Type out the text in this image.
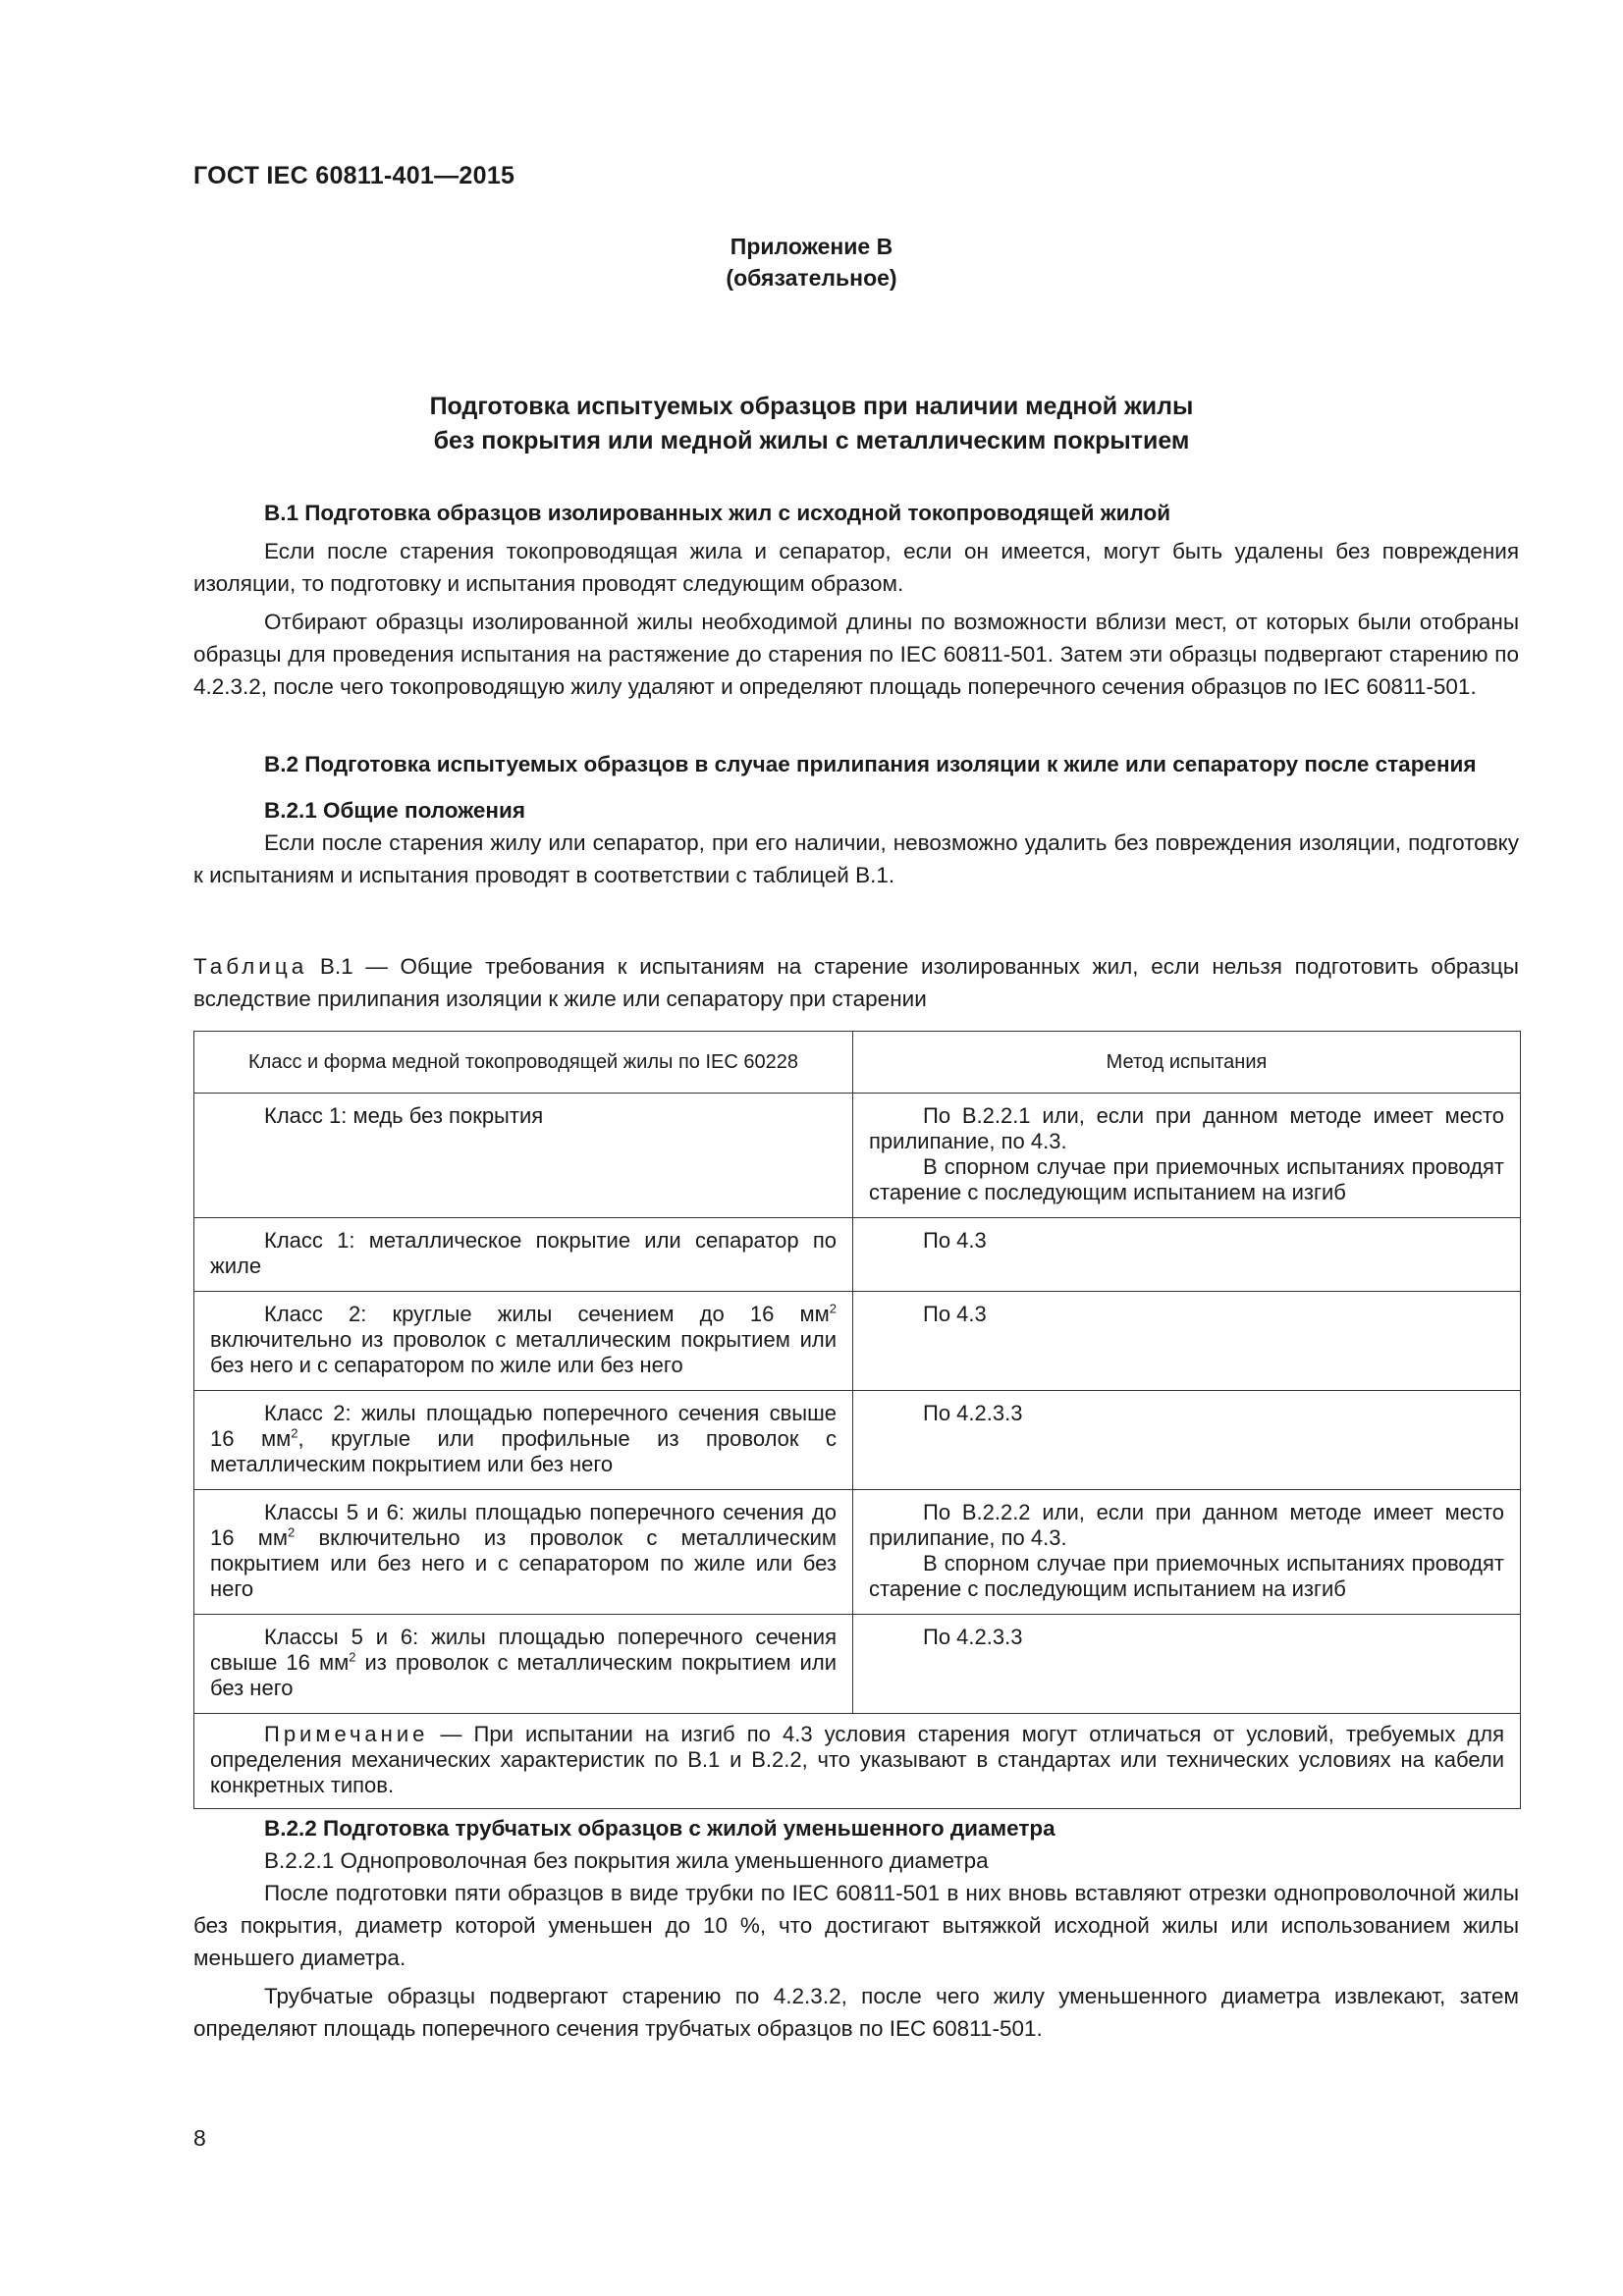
ГОСТ IEC 60811-401—2015
Приложение В
(обязательное)
Подготовка испытуемых образцов при наличии медной жилы
без покрытия или медной жилы с металлическим покрытием
В.1 Подготовка образцов изолированных жил с исходной токопроводящей жилой
Если после старения токопроводящая жила и сепаратор, если он имеется, могут быть удалены без повреждения изоляции, то подготовку и испытания проводят следующим образом.
Отбирают образцы изолированной жилы необходимой длины по возможности вблизи мест, от которых были отобраны образцы для проведения испытания на растяжение до старения по IEC 60811-501. Затем эти образцы подвергают старению по 4.2.3.2, после чего токопроводящую жилу удаляют и определяют площадь поперечного сечения образцов по IEC 60811-501.
В.2 Подготовка испытуемых образцов в случае прилипания изоляции к жиле или сепаратору после старения
В.2.1 Общие положения
Если после старения жилу или сепаратор, при его наличии, невозможно удалить без повреждения изоляции, подготовку к испытаниям и испытания проводят в соответствии с таблицей В.1.
Таблица В.1 — Общие требования к испытаниям на старение изолированных жил, если нельзя подготовить образцы вследствие прилипания изоляции к жиле или сепаратору при старении
Класс и форма медной токопроводящей жилы по IEC 60228	Метод испытания

Класс 1: медь без покрытия	По В.2.2.1 или, если при данном методе имеет место прилипание, по 4.3.
В спорном случае при приемочных испытаниях проводят старение с последующим испытанием на изгиб

Класс 1: металлическое покрытие или сепаратор по жиле	По 4.3

Класс 2: круглые жилы сечением до 16 $мм^2$ включительно из проволок с металлическим покрытием или без него и с сепаратором по жиле или без него	По 4.3

Класс 2: жилы площадью поперечного сечения свыше 16 $мм^2$, круглые или профильные из проволок с металлическим покрытием или без него	По 4.2.3.3

Классы 5 и 6: жилы площадью поперечного сечения до 16 $мм^2$ включительно из проволок с металлическим покрытием или без него и с сепаратором по жиле или без него	По В.2.2.2 или, если при данном методе имеет место прилипание, по 4.3.
В спорном случае при приемочных испытаниях проводят старение с последующим испытанием на изгиб

Классы 5 и 6: жилы площадью поперечного сечения свыше 16 $мм^2$ из проволок с металлическим покрытием или без него	По 4.2.3.3

Примечание — При испытании на изгиб по 4.3 условия старения могут отличаться от условий, требуемых для определения механических характеристик по В.1 и В.2.2, что указывают в стандартах или технических условиях на кабели конкретных типов.	
В.2.2 Подготовка трубчатых образцов с жилой уменьшенного диаметра
В.2.2.1 Однопроволочная без покрытия жила уменьшенного диаметра
После подготовки пяти образцов в виде трубки по IEC 60811-501 в них вновь вставляют отрезки однопроволочной жилы без покрытия, диаметр которой уменьшен до 10 %, что достигают вытяжкой исходной жилы или использованием жилы меньшего диаметра.
Трубчатые образцы подвергают старению по 4.2.3.2, после чего жилу уменьшенного диаметра извлекают, затем определяют площадь поперечного сечения трубчатых образцов по IEC 60811-501.
8
